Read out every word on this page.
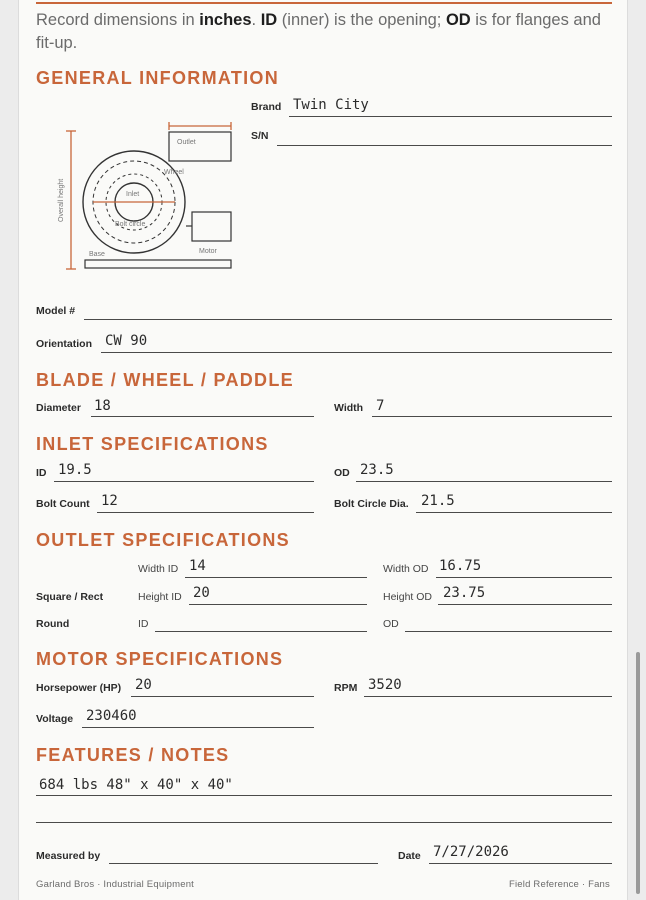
Record dimensions in inches. ID (inner) is the opening; OD is for flanges and fit-up.
GENERAL INFORMATION
Brand Twin City
S/N
Overall height
Outlet
Wheel
Inlet
Bolt circle
Motor
Base
Model #
Orientation CW 90
BLADE / WHEEL / PADDLE
Diameter 18	Width 7
INLET SPECIFICATIONS
ID 19.5	OD 23.5
Bolt Count 12	Bolt Circle Dia. 21.5
OUTLET SPECIFICATIONS
Width ID 14	Width OD 16.75
Square / Rect	Height ID 20	Height OD 23.75
Round	ID	OD
MOTOR SPECIFICATIONS
Horsepower (HP) 20	RPM 3520
Voltage 230460
FEATURES / NOTES
684 lbs 48" x 40" x 40"
Measured by	Date 7/27/2026
Garland Bros · Industrial Equipment	Field Reference · Fans
